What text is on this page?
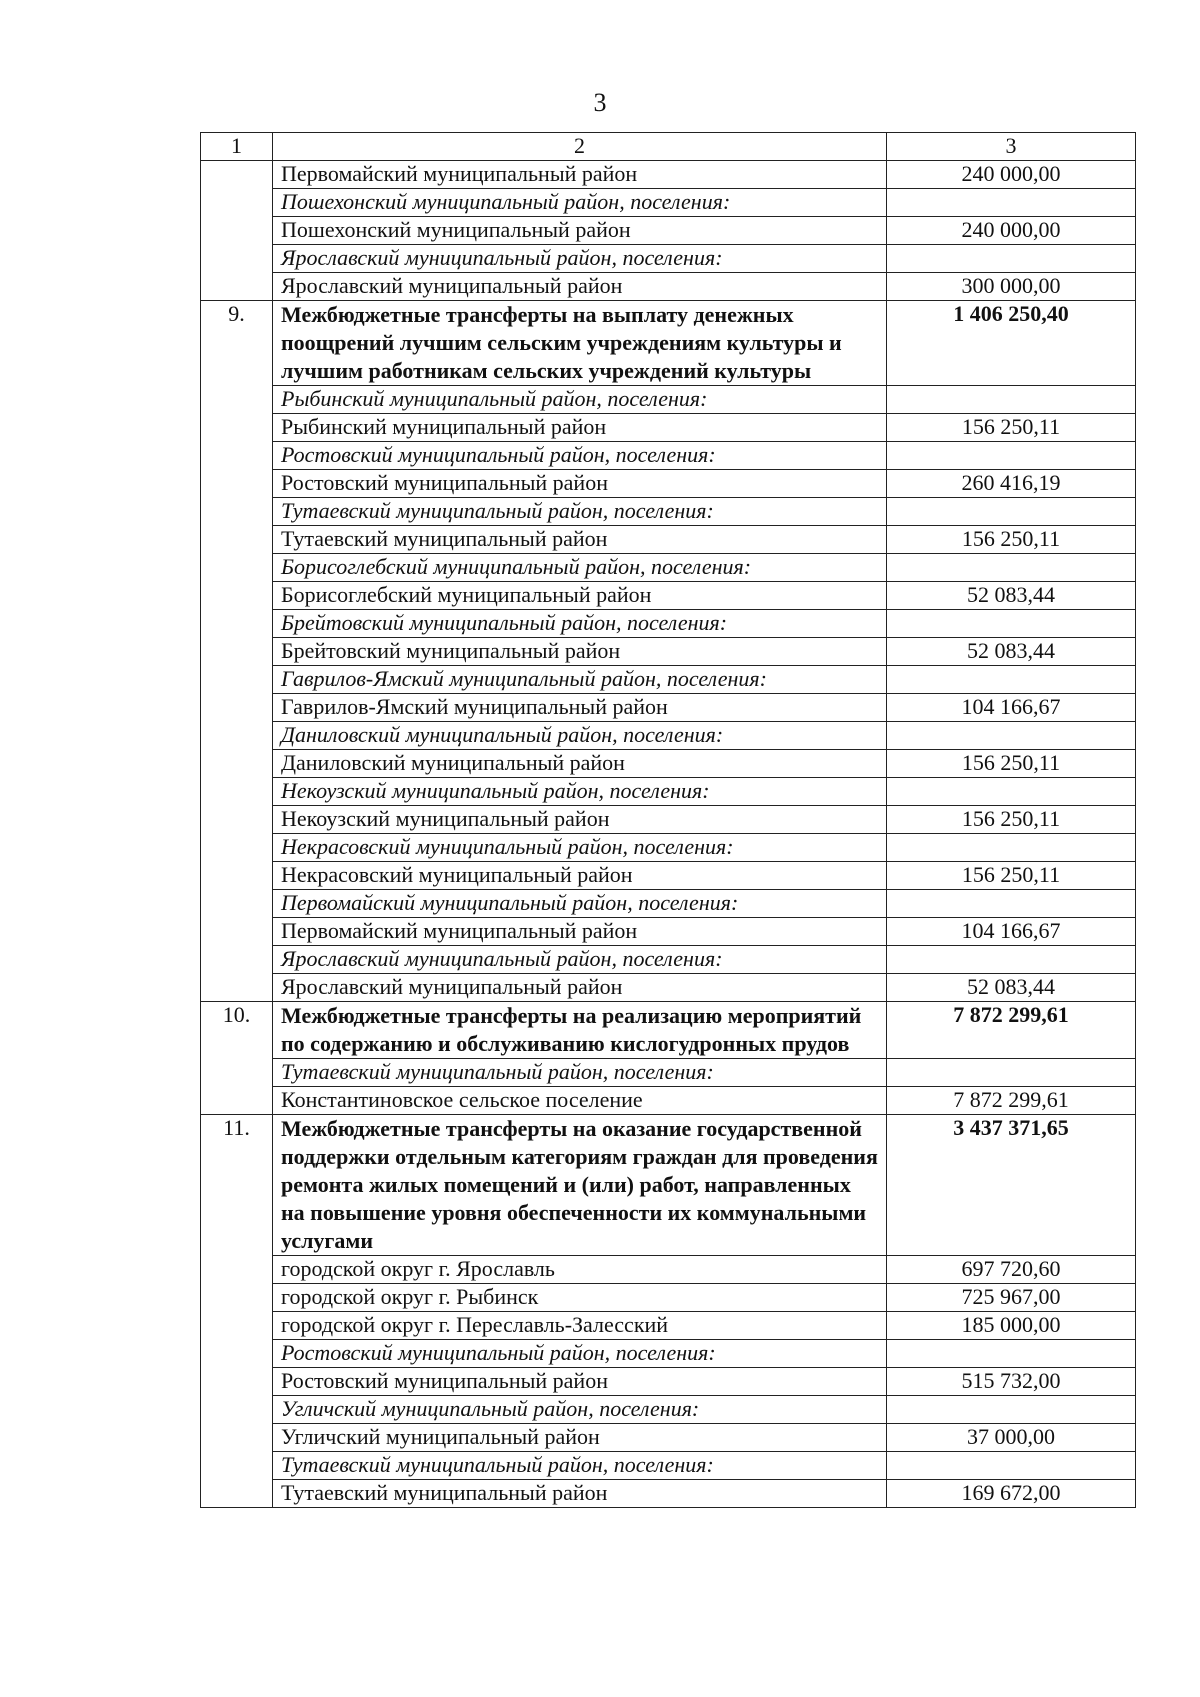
3
1	2	3
	Первомайский муниципальный район	240 000,00
	Пошехонский муниципальный район, поселения:	
	Пошехонский муниципальный район	240 000,00
	Ярославский муниципальный район, поселения:	
	Ярославский муниципальный район	300 000,00
9.	Межбюджетные трансферты на выплату денежных поощрений лучшим сельским учреждениям культуры и лучшим работникам сельских учреждений культуры	1 406 250,40
	Рыбинский муниципальный район, поселения:	
	Рыбинский муниципальный район	156 250,11
	Ростовский муниципальный район, поселения:	
	Ростовский муниципальный район	260 416,19
	Тутаевский муниципальный район, поселения:	
	Тутаевский муниципальный район	156 250,11
	Борисоглебский муниципальный район, поселения:	
	Борисоглебский муниципальный район	52 083,44
	Брейтовский муниципальный район, поселения:	
	Брейтовский муниципальный район	52 083,44
	Гаврилов-Ямский муниципальный район, поселения:	
	Гаврилов-Ямский муниципальный район	104 166,67
	Даниловский муниципальный район, поселения:	
	Даниловский муниципальный район	156 250,11
	Некоузский муниципальный район, поселения:	
	Некоузский муниципальный район	156 250,11
	Некрасовский муниципальный район, поселения:	
	Некрасовский муниципальный район	156 250,11
	Первомайский муниципальный район, поселения:	
	Первомайский муниципальный район	104 166,67
	Ярославский муниципальный район, поселения:	
	Ярославский муниципальный район	52 083,44
10.	Межбюджетные трансферты на реализацию мероприятий по содержанию и обслуживанию кислогудронных прудов	7 872 299,61
	Тутаевский муниципальный район, поселения:	
	Константиновское сельское поселение	7 872 299,61
11.	Межбюджетные трансферты на оказание государственной поддержки отдельным категориям граждан для проведения ремонта жилых помещений и (или) работ, направленных на повышение уровня обеспеченности их коммунальными услугами	3 437 371,65
	городской округ г. Ярославль	697 720,60
	городской округ г. Рыбинск	725 967,00
	городской округ г. Переславль-Залесский	185 000,00
	Ростовский муниципальный район, поселения:	
	Ростовский муниципальный район	515 732,00
	Угличский муниципальный район, поселения:	
	Угличский муниципальный район	37 000,00
	Тутаевский муниципальный район, поселения:	
	Тутаевский муниципальный район	169 672,00
